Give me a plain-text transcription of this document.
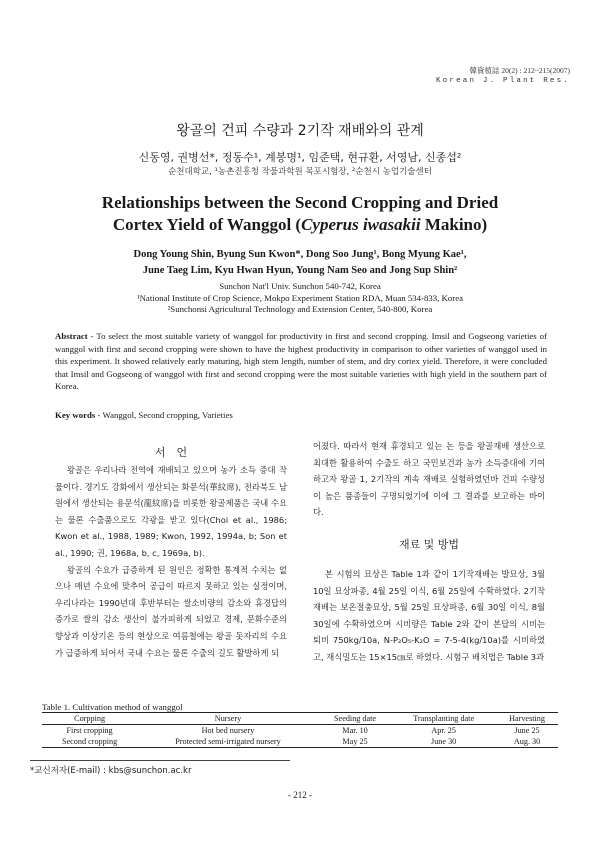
韓資植誌 20(2) : 212~215(2007)
Korean J. Plant Res.
왕골의 건피 수량과 2기작 재배와의 관계
신동영, 권병선*, 정동수¹, 계봉명¹, 임준택, 현규환, 서영남, 신종섭²
순천대학교, ¹농촌진흥청 작물과학원 목포시험장, ²순천시 농업기술센터
Relationships between the Second Cropping and Dried
Cortex Yield of Wanggol (Cyperus iwasakii Makino)
Dong Young Shin, Byung Sun Kwon*, Dong Soo Jung¹, Bong Myung Kae¹,
June Taeg Lim, Kyu Hwan Hyun, Young Nam Seo and Jong Sup Shin²
Sunchon Nat'l Univ. Sunchon 540-742, Korea
¹National Institute of Crop Science, Mokpo Experiment Station RDA, Muan 534-833, Korea
²Sunchonsi Agricultural Technology and Extension Center, 540-800, Korea
Abstract - To select the most suitable variety of wanggol for productivity in first and second cropping. Imsil and Gogseong varieties of wanggol with first and second cropping were shown to have the highest productivity in comparison to other varieties of wanggol used in this experiment. It showed relatively early maturing, high stem length, number of stem, and dry cortex yield. Therefore, it were concluded that Imsil and Gogseong of wanggol with first and second cropping were the most suitable varieties with high yield in the southern part of Korea.
Key words - Wanggol, Second cropping, Varieties
서　언

왕골은 우리나라 전역에 재배되고 있으며 농가 소득 증대 작물이다. 경기도 강화에서 생산되는 화문석(華紋席), 전라북도 남원에서 생산되는 용문석(龍紋席)을 비롯한 왕골제품은 국내 수요는 물론 수출품으로도 각광을 받고 있다(Choi et al., 1986; Kwon et al., 1988, 1989; Kwon, 1992, 1994a, b; Son et al., 1990; 권, 1968a, b, c, 1969a, b).

왕골의 수요가 급증하게 된 원인은 정확한 통계적 수치는 없으나 매년 수요에 맞추어 공급이 따르지 못하고 있는 실정이며, 우리나라는 1990년대 후반부터는 쌀소비량의 감소와 휴경답의 증가로 쌀의 감소 생산이 불가피하게 되었고 경제, 문화수준의 향상과 이상기온 등의 현상으로 여름철에는 왕골 돗자리의 수요가 급증하게 되어서 국내 수요는 물론 수출의 길도 활발하게 되

어졌다. 따라서 현재 휴경되고 있는 논 등을 왕골재배 생산으로 최대한 활용하여 수출도 하고 국민보건과 농가 소득증대에 기여하고자 왕골 1, 2기작의 계속 재배로 실험하였던바 건피 수량성이 높은 품종들이 구명되었기에 이에 그 결과를 보고하는 바이다.

재료 및 방법

본 시험의 묘상은 Table 1과 같이 1기작재배는 발묘상, 3월 10일 묘상파종, 4월 25일 이식, 6월 25일에 수확하였다. 2기작 재배는 보온절충묘상, 5월 25일 묘상파종, 6월 30일 이식, 8월 30일에 수확하였으며 시비량은 Table 2와 같이 본답의 시비는 퇴비 750kg/10a, N-P₂O₅-K₂O = 7-5-4(kg/10a)를 시비하였고, 재식밀도는 15×15㎝로 하였다. 시험구 배치법은 Table 3과

Table 1. Cultivation method of wanggol
Corpping	Nursery	Seeding date	Transplanting date	Harvesting
First cropping	Hot bed nursery	Mar. 10	Apr. 25	June 25
Second cropping	Protected semi-irrigated nursery	May 25	June 30	Aug. 30
*교신저자(E-mail) : kbs@sunchon.ac.kr
- 212 -
